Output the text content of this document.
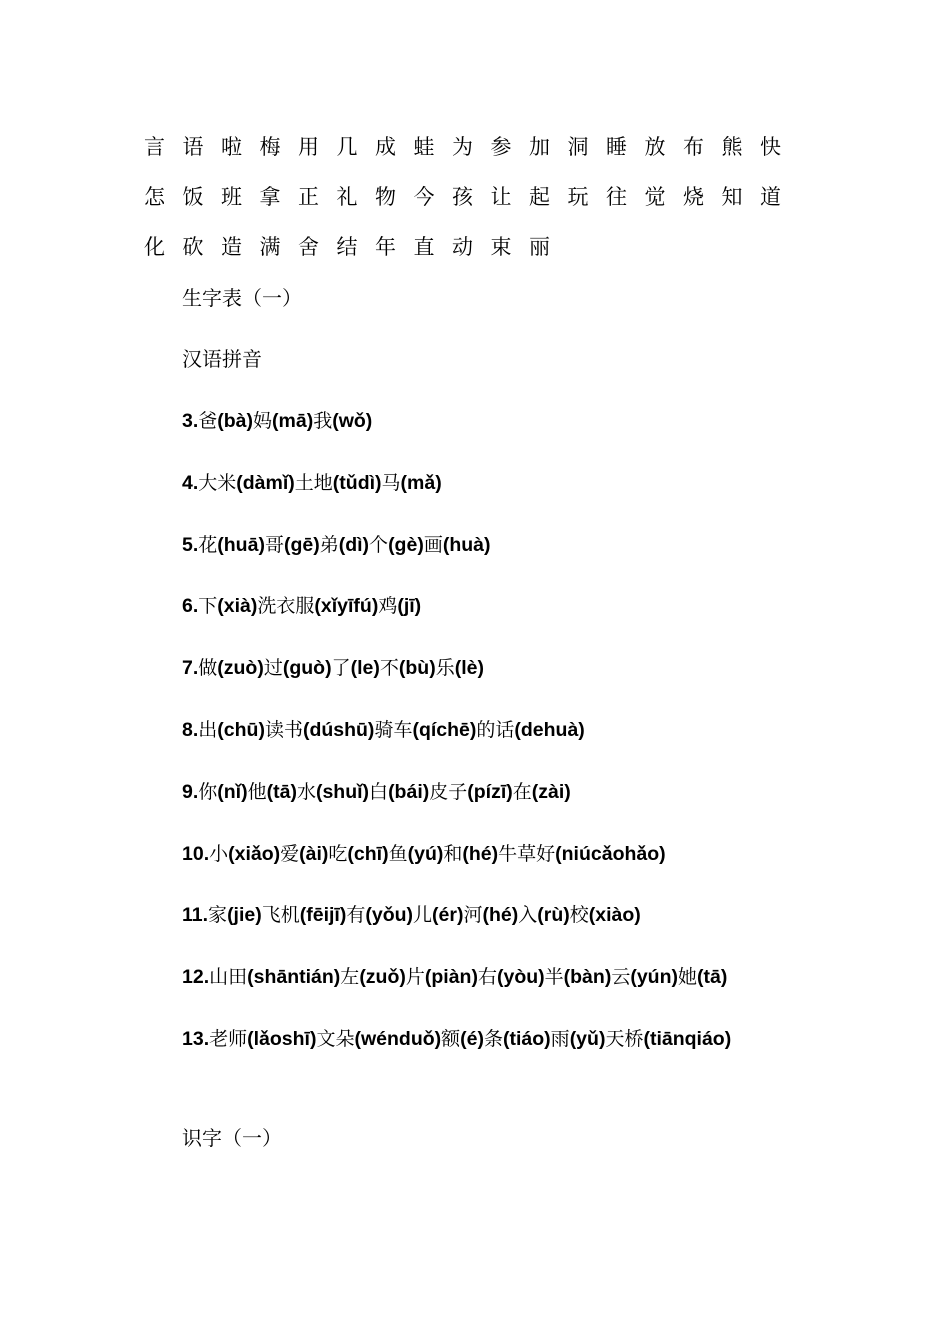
言 语 啦 梅 用 几 成 蛙 为 参 加 洞 睡 放 布 熊 快
怎 饭 班 拿 正 礼 物 今 孩 让 起 玩 往 觉 烧 知 道
化 砍 造 满 舍 结 年 直 动 束 丽
生字表（一）
汉语拼音
3.爸(bà)妈(mā)我(wǒ)
4.大米(dàmǐ)土地(tǔdì)马(mǎ)
5.花(huā)哥(gē)弟(dì)个(gè)画(huà)
6.下(xià)洗衣服(xǐyīfú)鸡(jī)
7.做(zuò)过(guò)了(le)不(bù)乐(lè)
8.出(chū)读书(dúshū)骑车(qíchē)的话(dehuà)
9.你(nǐ)他(tā)水(shuǐ)白(bái)皮子(pízī)在(zài)
10.小(xiǎo)爱(ài)吃(chī)鱼(yú)和(hé)牛草好(niúcǎohǎo)
11.家(jie)飞机(fēijī)有(yǒu)儿(ér)河(hé)入(rù)校(xiào)
12.山田(shāntián)左(zuǒ)片(piàn)右(yòu)半(bàn)云(yún)她(tā)
13.老师(lǎoshī)文朵(wénduǒ)额(é)条(tiáo)雨(yǔ)天桥(tiānqiáo)
识字（一）
